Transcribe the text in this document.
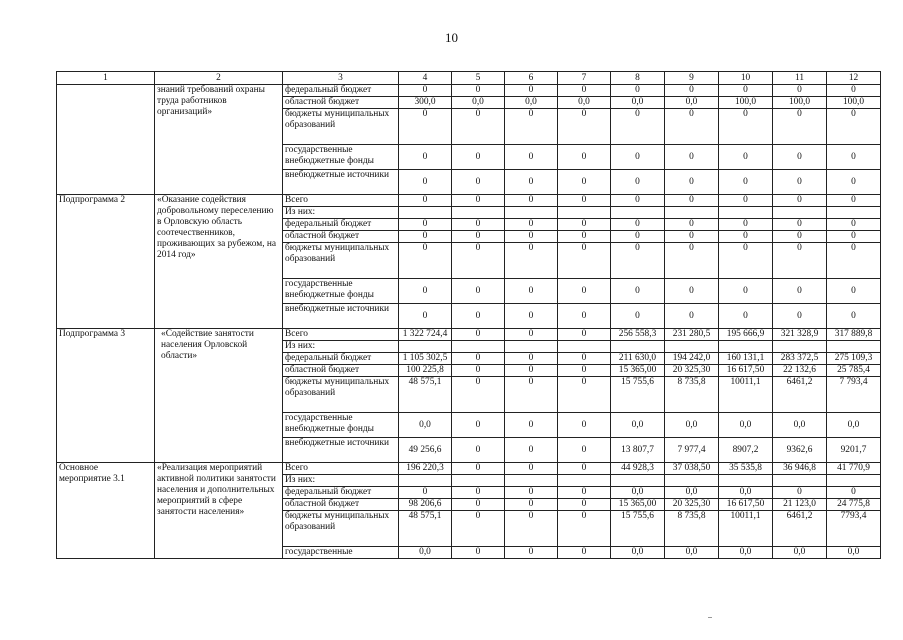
10
1	2	3	4	5	6	7	8	9	10	11	12
	знаний требований охраны труда работников организаций»	федеральный бюджет	0	0	0	0	0	0	0	0	0
		областной бюджет	300,0	0,0	0,0	0,0	0,0	0,0	100,0	100,0	100,0
		бюджеты муниципальных образований	0	0	0	0	0	0	0	0	0
		государственные внебюджетные фонды	0	0	0	0	0	0	0	0	0
		внебюджетные источники	0	0	0	0	0	0	0	0	0
Подпрограмма 2	«Оказание содействия добровольному переселению в Орловскую область соотечественников, проживающих за рубежом, на 2014 год»	Всего	0	0	0	0	0	0	0	0	0
		Из них:									
		федеральный бюджет	0	0	0	0	0	0	0	0	0
		областной бюджет	0	0	0	0	0	0	0	0	0
		бюджеты муниципальных образований	0	0	0	0	0	0	0	0	0
		государственные внебюджетные фонды	0	0	0	0	0	0	0	0	0
		внебюджетные источники	0	0	0	0	0	0	0	0	0
Подпрограмма 3	«Содействие занятости населения Орловской области»	Всего	1 322 724,4	0	0	0	256 558,3	231 280,5	195 666,9	321 328,9	317 889,8
		Из них:									
		федеральный бюджет	1 105 302,5	0	0	0	211 630,0	194 242,0	160 131,1	283 372,5	275 109,3
		областной бюджет	100 225,8	0	0	0	15 365,00	20 325,30	16 617,50	22 132,6	25 785,4
		бюджеты муниципальных образований	48 575,1	0	0	0	15 755,6	8 735,8	10011,1	6461,2	7 793,4
		государственные внебюджетные фонды	0,0	0	0	0	0,0	0,0	0,0	0,0	0,0
		внебюджетные источники	49 256,6	0	0	0	13 807,7	7 977,4	8907,2	9362,6	9201,7
Основное мероприятие 3.1	«Реализация мероприятий активной политики занятости населения и дополнительных мероприятий в сфере занятости населения»	Всего	196 220,3	0	0	0	44 928,3	37 038,50	35 535,8	36 946,8	41 770,9
		Из них:									
		федеральный бюджет	0	0	0	0	0,0	0,0	0,0	0	0
		областной бюджет	98 206,6	0	0	0	15 365,00	20 325,30	16 617,50	21 123,0	24 775,8
		бюджеты муниципальных образований	48 575,1	0	0	0	15 755,6	8 735,8	10011,1	6461,2	7793,4
		государственные	0,0	0	0	0	0,0	0,0	0,0	0,0	0,0
